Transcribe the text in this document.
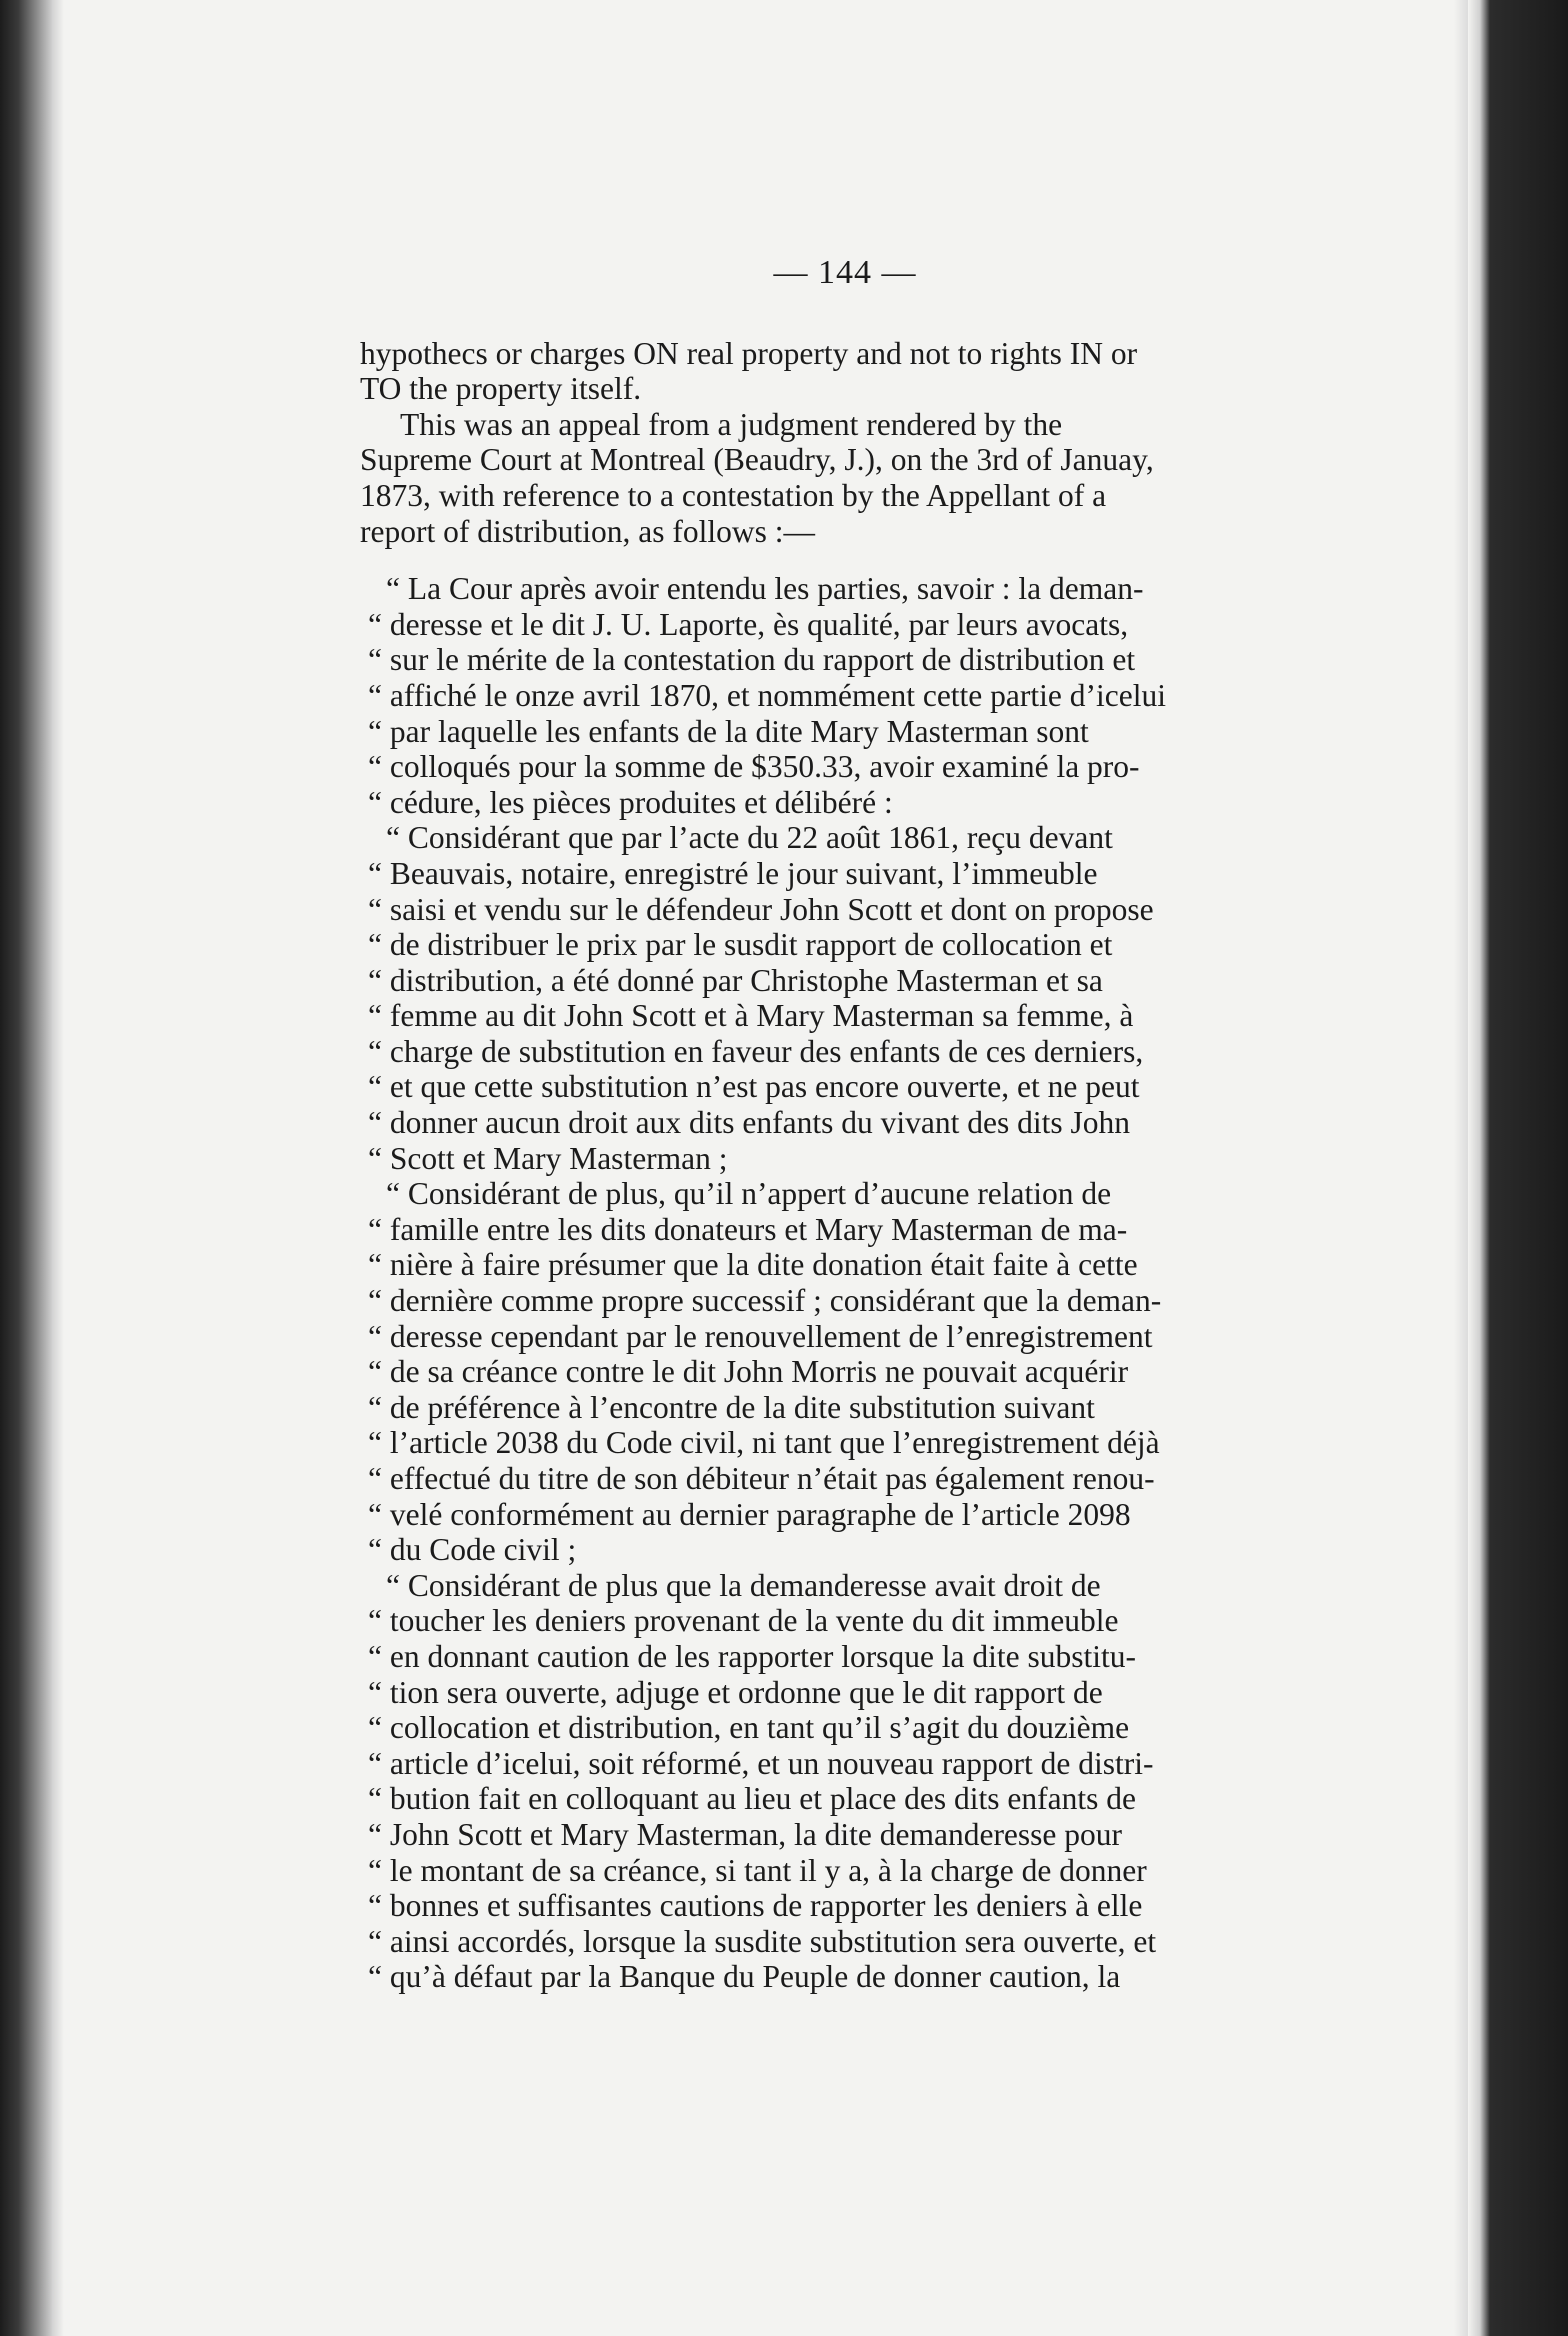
— 144 —
hypothecs or charges ON real property and not to rights IN or
TO the property itself.
This was an appeal from a judgment rendered by the
Supreme Court at Montreal (Beaudry, J.), on the 3rd of Januay,
1873, with reference to a contestation by the Appellant of a
report of distribution, as follows :—
“ La Cour après avoir entendu les parties, savoir : la deman-
“ deresse et le dit J. U. Laporte, ès qualité, par leurs avocats,
“ sur le mérite de la contestation du rapport de distribution et
“ affiché le onze avril 1870, et nommément cette partie d’icelui
“ par laquelle les enfants de la dite Mary Masterman sont
“ colloqués pour la somme de $350.33, avoir examiné la pro-
“ cédure, les pièces produites et délibéré :
“ Considérant que par l’acte du 22 août 1861, reçu devant
“ Beauvais, notaire, enregistré le jour suivant, l’immeuble
“ saisi et vendu sur le défendeur John Scott et dont on propose
“ de distribuer le prix par le susdit rapport de collocation et
“ distribution, a été donné par Christophe Masterman et sa
“ femme au dit John Scott et à Mary Masterman sa femme, à
“ charge de substitution en faveur des enfants de ces derniers,
“ et que cette substitution n’est pas encore ouverte, et ne peut
“ donner aucun droit aux dits enfants du vivant des dits John
“ Scott et Mary Masterman ;
“ Considérant de plus, qu’il n’appert d’aucune relation de
“ famille entre les dits donateurs et Mary Masterman de ma-
“ nière à faire présumer que la dite donation était faite à cette
“ dernière comme propre successif ; considérant que la deman-
“ deresse cependant par le renouvellement de l’enregistrement
“ de sa créance contre le dit John Morris ne pouvait acquérir
“ de préférence à l’encontre de la dite substitution suivant
“ l’article 2038 du Code civil, ni tant que l’enregistrement déjà
“ effectué du titre de son débiteur n’était pas également renou-
“ velé conformément au dernier paragraphe de l’article 2098
“ du Code civil ;
“ Considérant de plus que la demanderesse avait droit de
“ toucher les deniers provenant de la vente du dit immeuble
“ en donnant caution de les rapporter lorsque la dite substitu-
“ tion sera ouverte, adjuge et ordonne que le dit rapport de
“ collocation et distribution, en tant qu’il s’agit du douzième
“ article d’icelui, soit réformé, et un nouveau rapport de distri-
“ bution fait en colloquant au lieu et place des dits enfants de
“ John Scott et Mary Masterman, la dite demanderesse pour
“ le montant de sa créance, si tant il y a, à la charge de donner
“ bonnes et suffisantes cautions de rapporter les deniers à elle
“ ainsi accordés, lorsque la susdite substitution sera ouverte, et
“ qu’à défaut par la Banque du Peuple de donner caution, la
